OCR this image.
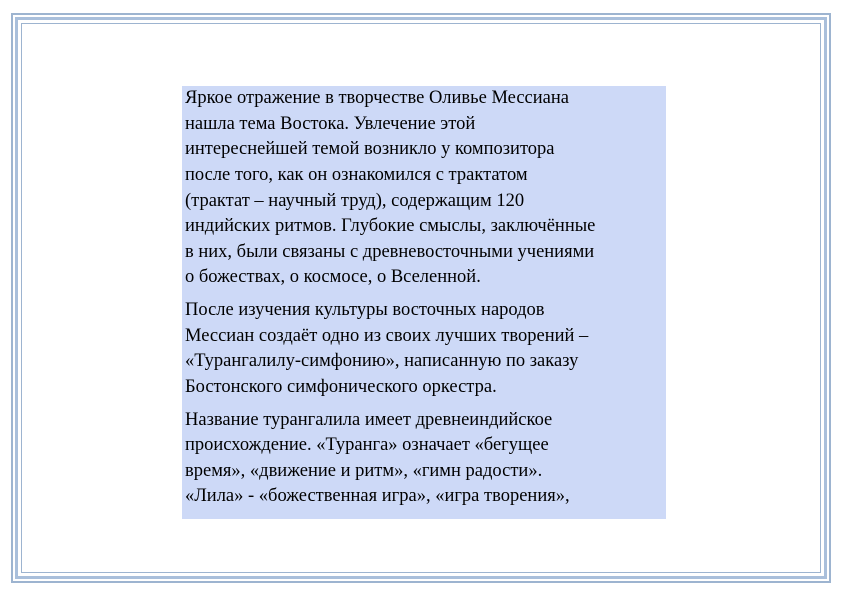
Яркое отражение в творчестве Оливье Мессиана
нашла тема Востока. Увлечение этой
интереснейшей темой возникло у композитора
после того, как он ознакомился с трактатом
(трактат – научный труд), содержащим 120
индийских ритмов. Глубокие смыслы, заключённые
в них, были связаны с древневосточными учениями
о божествах, о космосе, о Вселенной.

После изучения культуры восточных народов
Мессиан создаёт одно из своих лучших творений –
«Турангалилу-симфонию», написанную по заказу
Бостонского симфонического оркестра.

Название турангалила имеет древнеиндийское
происхождение. «Туранга» означает «бегущее
время», «движение и ритм», «гимн радости».
«Лила» - «божественная игра», «игра творения»,
